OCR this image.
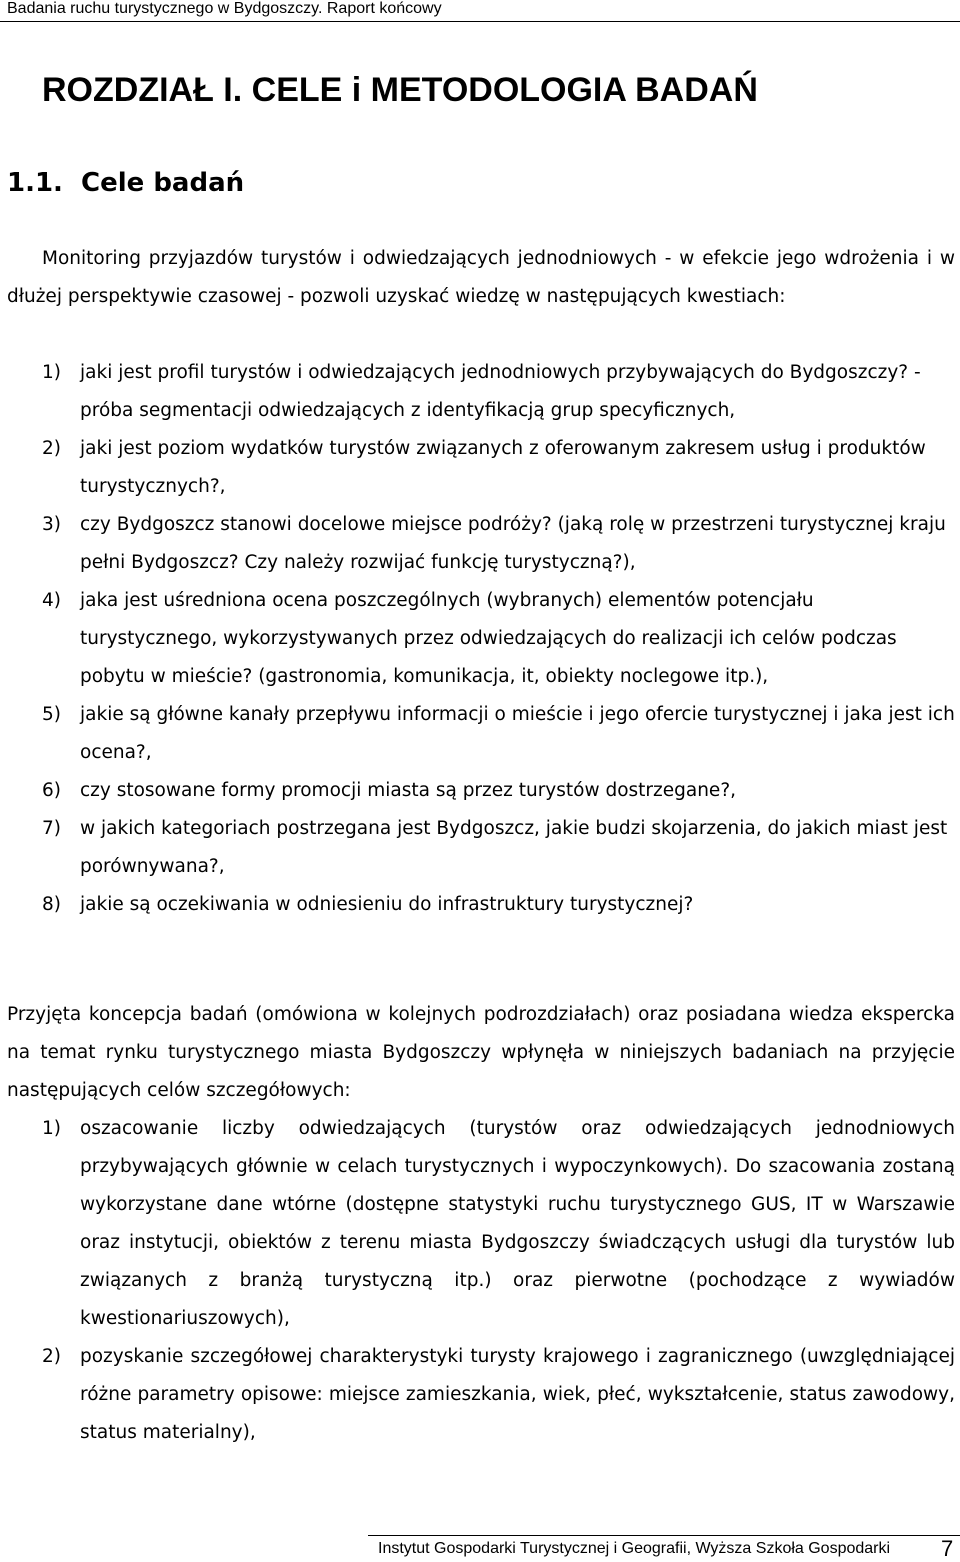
Badania ruchu turystycznego w Bydgoszczy. Raport końcowy
ROZDZIAŁ I. CELE i METODOLOGIA BADAŃ
1.1. Cele badań
Monitoring przyjazdów turystów i odwiedzających jednodniowych - w efekcie jego wdrożenia i w dłużej perspektywie czasowej - pozwoli uzyskać wiedzę w następujących kwestiach:
1) jaki jest profil turystów i odwiedzających jednodniowych przybywających do Bydgoszczy? - próba segmentacji odwiedzających z identyfikacją grup specyficznych,
2) jaki jest poziom wydatków turystów związanych z oferowanym zakresem usług i produktów turystycznych?,
3) czy Bydgoszcz stanowi docelowe miejsce podróży? (jaką rolę w przestrzeni turystycznej kraju pełni Bydgoszcz? Czy należy rozwijać funkcję turystyczną?),
4) jaka jest uśredniona ocena poszczególnych (wybranych) elementów potencjału turystycznego, wykorzystywanych przez odwiedzających do realizacji ich celów podczas pobytu w mieście? (gastronomia, komunikacja, it, obiekty noclegowe itp.),
5) jakie są główne kanały przepływu informacji o mieście i jego ofercie turystycznej i jaka jest ich ocena?,
6) czy stosowane formy promocji miasta są przez turystów dostrzegane?,
7) w jakich kategoriach postrzegana jest Bydgoszcz, jakie budzi skojarzenia, do jakich miast jest porównywana?,
8) jakie są oczekiwania w odniesieniu do infrastruktury turystycznej?
Przyjęta koncepcja badań (omówiona w kolejnych podrozdziałach) oraz posiadana wiedza ekspercka na temat rynku turystycznego miasta Bydgoszczy wpłynęła w niniejszych badaniach na przyjęcie następujących celów szczegółowych:
1) oszacowanie liczby odwiedzających (turystów oraz odwiedzających jednodniowych przybywających głównie w celach turystycznych i wypoczynkowych). Do szacowania zostaną wykorzystane dane wtórne (dostępne statystyki ruchu turystycznego GUS, IT w Warszawie oraz instytucji, obiektów z terenu miasta Bydgoszczy świadczących usługi dla turystów lub związanych z branżą turystyczną itp.) oraz pierwotne (pochodzące z wywiadów kwestionariuszowych),
2) pozyskanie szczegółowej charakterystyki turysty krajowego i zagranicznego (uwzględniającej różne parametry opisowe: miejsce zamieszkania, wiek, płeć, wykształcenie, status zawodowy, status materialny),
Instytut Gospodarki Turystycznej i Geografii, Wyższa Szkoła Gospodarki 7
